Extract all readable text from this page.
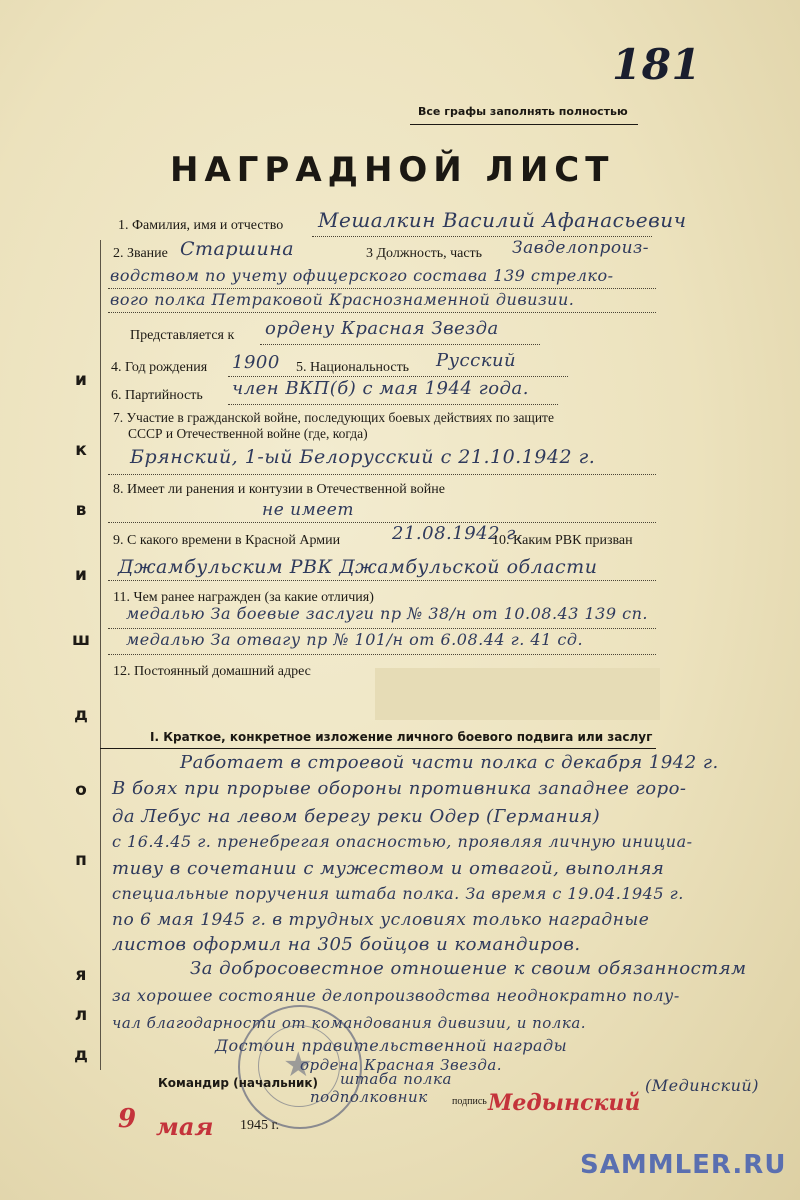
181
Все графы заполнять полностью
НАГРАДНОЙ ЛИСТ
д
л
я
п
о
д
ш
и
в
к
и
1. Фамилия, имя и отчество Мешалкин Василий Афанасьевич
2. Звание Старшина	3 Должность, часть Завделопроиз-
водством по учету офицерского состава 139 стрелко-
вого полка Петраковой Краснознаменной дивизии.
Представляется к ордену Красная Звезда
4. Год рождения 1900 5. Национальность Русский
6. Партийность член ВКП(б) с мая 1944 года.
7. Участие в гражданской войне, последующих боевых действиях по защите
СССР и Отечественной войне (где, когда)
Брянский, 1-ый Белорусский с 21.10.1942 г.
8. Имеет ли ранения и контузии в Отечественной войне
не имеет
9. С какого времени в Красной Армии	21.08.1942 г.
10. Каким РВК призван
Джамбульским РВК Джамбульской области
11. Чем ранее награжден (за какие отличия)
медалью За боевые заслуги пр № 38/н от 10.08.43 139 сп.
медалью За отвагу пр № 101/н от 6.08.44 г. 41 сд.
12. Постоянный домашний адрес
I. Краткое, конкретное изложение личного боевого подвига или заслуг
Работает в строевой части полка с декабря 1942 г.
В боях при прорыве обороны противника западнее горо-
да Лебус на левом берегу реки Одер (Германия)
с 16.4.45 г. пренебрегая опасностью, проявляя личную инициа-
тиву в сочетании с мужеством и отвагой, выполняя
специальные поручения штаба полка. За время с 19.04.1945 г.
по 6 мая 1945 г. в трудных условиях только наградные
листов оформил на 305 бойцов и командиров.
За добросовестное отношение к своим обязанностям
за хорошее состояние делопроизводства неоднократно полу-
чал благодарности от командования дивизии, и полка.
Достоин правительственной награды
ордена Красная Звезда.
★
Командир (начальник) штаба полка
подполковник подпись
(Мединский)
Медынский
9 мая 1945 г.
SAMMLER.RU
